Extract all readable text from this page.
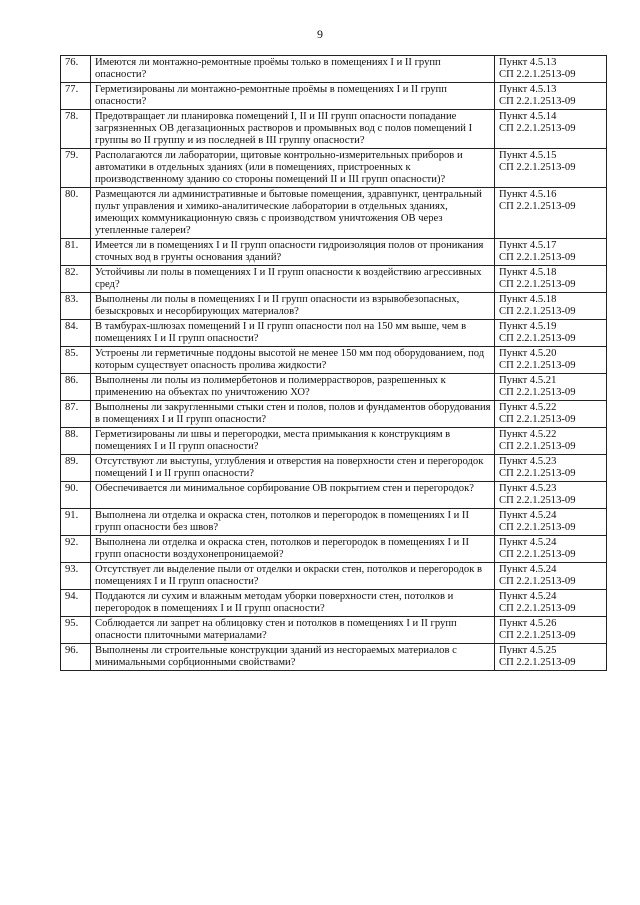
9
76.	Имеются ли монтажно-ремонтные проёмы только в помещениях I и II групп опасности?	Пункт 4.5.13
СП 2.2.1.2513-09

77.	Герметизированы ли монтажно-ремонтные проёмы в помещениях I и II групп опасности?	Пункт 4.5.13
СП 2.2.1.2513-09

78.	Предотвращает ли планировка помещений I, II и III групп опасности попадание загрязненных ОВ дегазационных растворов и промывных вод с полов помещений I группы во II группу и из последней в III группу опасности?	Пункт 4.5.14
СП 2.2.1.2513-09

79.	Располагаются ли лаборатории, щитовые контрольно-измерительных приборов и автоматики в отдельных зданиях (или в помещениях, пристроенных к производственному зданию со стороны помещений II и III групп опасности)?	Пункт 4.5.15
СП 2.2.1.2513-09

80.	Размещаются ли административные и бытовые помещения, здравпункт, центральный пульт управления и химико-аналитические лаборатории в отдельных зданиях, имеющих коммуникационную связь с производством уничтожения ОВ через утепленные галереи?	Пункт 4.5.16
СП 2.2.1.2513-09

81.	Имеется ли в помещениях I и II групп опасности гидроизоляция полов от проникания сточных вод в грунты основания зданий?	Пункт 4.5.17
СП 2.2.1.2513-09

82.	Устойчивы ли полы в помещениях I и II групп опасности к воздействию агрессивных сред?	Пункт 4.5.18
СП 2.2.1.2513-09

83.	Выполнены ли полы в помещениях I и II групп опасности из взрывобезопасных, безыскровых и несорбирующих материалов?	Пункт 4.5.18
СП 2.2.1.2513-09

84.	В тамбурах-шлюзах помещений I и II групп опасности пол на 150 мм выше, чем в помещениях I и II групп опасности?	Пункт 4.5.19
СП 2.2.1.2513-09

85.	Устроены ли герметичные поддоны высотой не менее 150 мм под оборудованием, под которым существует опасность пролива жидкости?	Пункт 4.5.20
СП 2.2.1.2513-09

86.	Выполнены ли полы из полимербетонов и полимеррастворов, разрешенных к применению на объектах по уничтожению ХО?	Пункт 4.5.21
СП 2.2.1.2513-09

87.	Выполнены ли закругленными стыки стен и полов, полов и фундаментов оборудования в помещениях I и II групп опасности?	Пункт 4.5.22
СП 2.2.1.2513-09

88.	Герметизированы ли швы и перегородки, места примыкания к конструкциям в помещениях I и II групп опасности?	Пункт 4.5.22
СП 2.2.1.2513-09

89.	Отсутствуют ли выступы, углубления и отверстия на поверхности стен и перегородок помещений I и II групп опасности?	Пункт 4.5.23
СП 2.2.1.2513-09

90.	Обеспечивается ли минимальное сорбирование ОВ покрытием стен и перегородок?	Пункт 4.5.23
СП 2.2.1.2513-09

91.	Выполнена ли отделка и окраска стен, потолков и перегородок в помещениях I и II групп опасности без швов?	Пункт 4.5.24
СП 2.2.1.2513-09

92.	Выполнена ли отделка и окраска стен, потолков и перегородок в помещениях I и II групп опасности воздухонепроницаемой?	Пункт 4.5.24
СП 2.2.1.2513-09

93.	Отсутствует ли выделение пыли от отделки и окраски стен, потолков и перегородок в помещениях I и II групп опасности?	Пункт 4.5.24
СП 2.2.1.2513-09

94.	Поддаются ли сухим и влажным методам уборки поверхности стен, потолков и перегородок в помещениях I и II групп опасности?	Пункт 4.5.24
СП 2.2.1.2513-09

95.	Соблюдается ли запрет на облицовку стен и потолков в помещениях I и II групп опасности плиточными материалами?	Пункт 4.5.26
СП 2.2.1.2513-09

96.	Выполнены ли строительные конструкции зданий из несгораемых материалов с минимальными сорбционными свойствами?	Пункт 4.5.25
СП 2.2.1.2513-09
